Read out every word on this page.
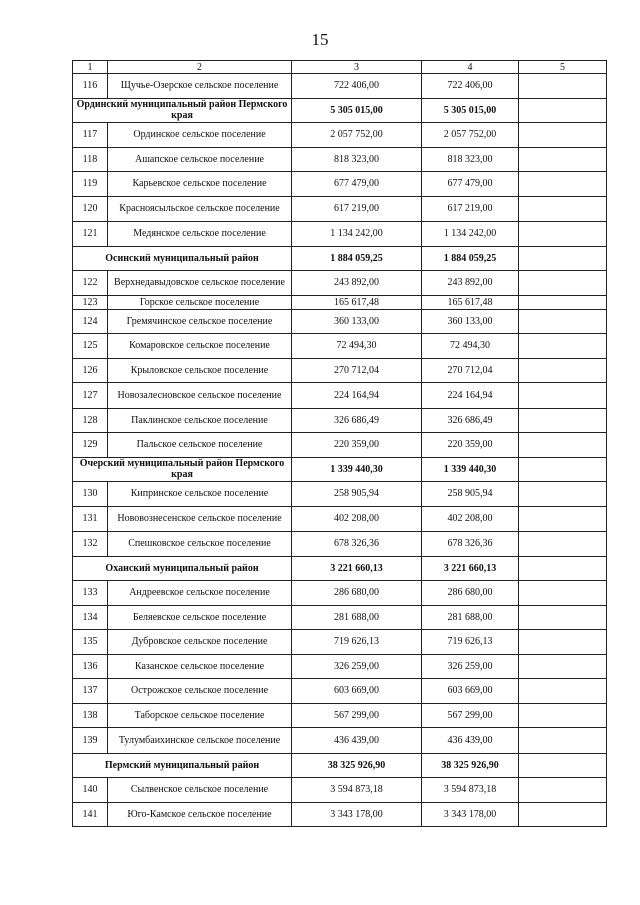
15
1	2	3	4	5
116	Щучье-Озерское сельское поселение	722 406,00	722 406,00	
Ординский муниципальный район Пермского края		5 305 015,00	5 305 015,00	
117	Ординское сельское поселение	2 057 752,00	2 057 752,00	
118	Ашапское сельское поселение	818 323,00	818 323,00	
119	Карьевское сельское поселение	677 479,00	677 479,00	
120	Красноясыльское сельское поселение	617 219,00	617 219,00	
121	Медянское сельское поселение	1 134 242,00	1 134 242,00	
Осинский муниципальный район		1 884 059,25	1 884 059,25	
122	Верхнедавыдовское сельское поселение	243 892,00	243 892,00	
123	Горское сельское поселение	165 617,48	165 617,48	
124	Гремячинское сельское поселение	360 133,00	360 133,00	
125	Комаровское сельское поселение	72 494,30	72 494,30	
126	Крыловское сельское поселение	270 712,04	270 712,04	
127	Новозалесновское сельское поселение	224 164,94	224 164,94	
128	Паклинское сельское поселение	326 686,49	326 686,49	
129	Пальское сельское поселение	220 359,00	220 359,00	
Очерский муниципальный район Пермского края		1 339 440,30	1 339 440,30	
130	Кипринское сельское поселение	258 905,94	258 905,94	
131	Нововознесенское сельское поселение	402 208,00	402 208,00	
132	Спешковское сельское поселение	678 326,36	678 326,36	
Оханский муниципальный район		3 221 660,13	3 221 660,13	
133	Андреевское сельское поселение	286 680,00	286 680,00	
134	Беляевское сельское поселение	281 688,00	281 688,00	
135	Дубровское сельское поселение	719 626,13	719 626,13	
136	Казанское сельское поселение	326 259,00	326 259,00	
137	Острожское сельское поселение	603 669,00	603 669,00	
138	Таборское сельское поселение	567 299,00	567 299,00	
139	Тулумбаихинское сельское поселение	436 439,00	436 439,00	
Пермский муниципальный район		38 325 926,90	38 325 926,90	
140	Сылвенское сельское поселение	3 594 873,18	3 594 873,18	
141	Юго-Камское сельское поселение	3 343 178,00	3 343 178,00	
